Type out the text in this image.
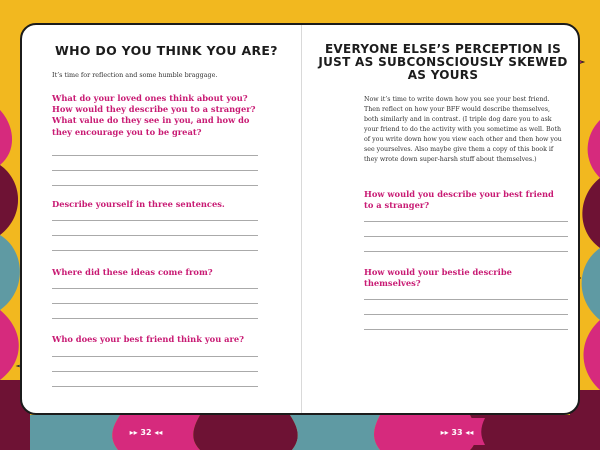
▸▸ 32 ◂◂	▸▸ 33 ◂◂
WHO DO YOU THINK YOU ARE?
It’s time for reflection and some humble braggage.

What do your loved ones think about you? How would they describe you to a stranger? What value do they see in you, and how do they encourage you to be great?

Describe yourself in three sentences.

Where did these ideas come from?

Who does your best friend think you are?

EVERYONE ELSE’S PERCEPTION IS JUST AS SUBCONSCIOUSLY SKEWED AS YOURS
Now it’s time to write down how you see your best friend. Then reflect on how your BFF would describe themselves, both similarly and in contrast. (I triple dog dare you to ask your friend to do the activity with you sometime as well. Both of you write down how you view each other and then how you see yourselves. Also maybe give them a copy of this book if they wrote down super-harsh stuff about themselves.)

How would you describe your best friend to a stranger?

How would your bestie describe themselves?
